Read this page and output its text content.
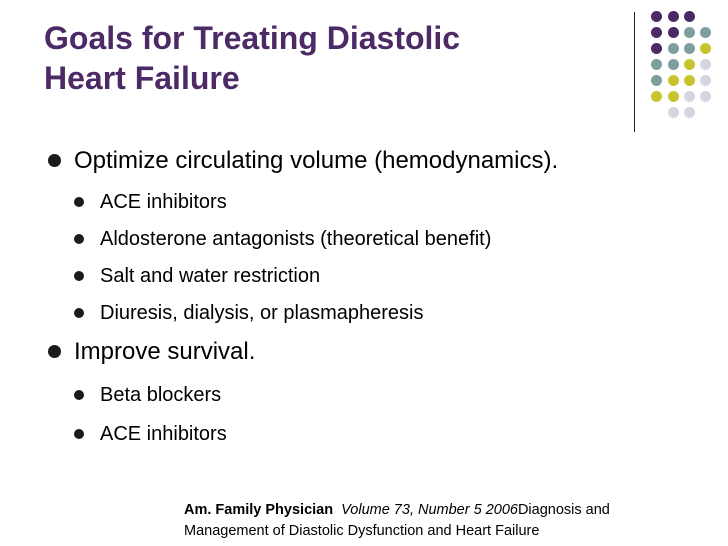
Goals for Treating Diastolic
Heart Failure
Optimize circulating volume (hemodynamics).
ACE inhibitors
Aldosterone antagonists (theoretical benefit)
Salt and water restriction
Diuresis, dialysis, or plasmapheresis
Improve survival.
Beta blockers
ACE inhibitors
Am. Family Physician Volume 73, Number 5 2006Diagnosis and
Management of Diastolic Dysfunction and Heart Failure
